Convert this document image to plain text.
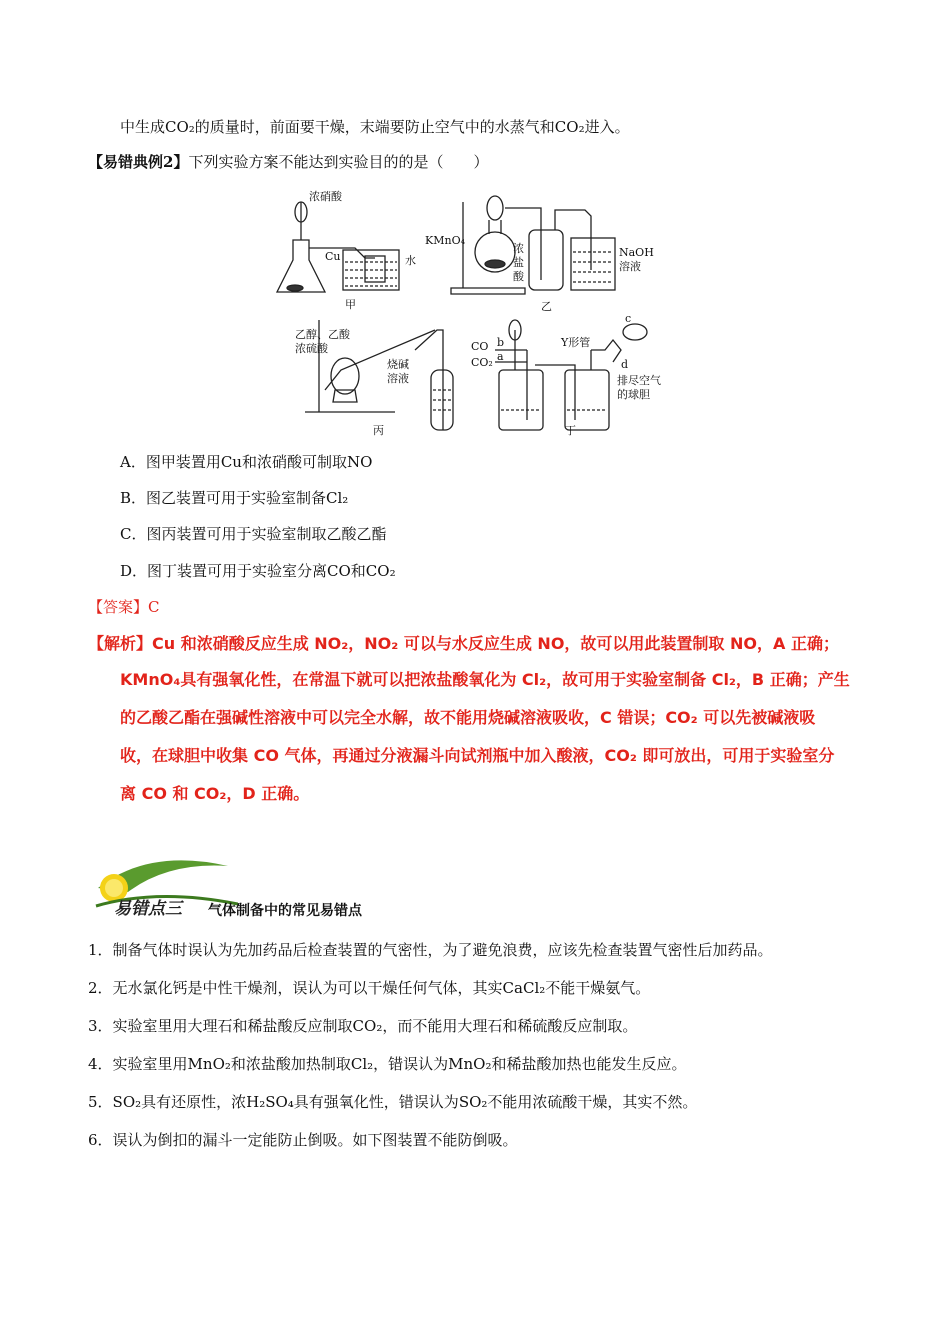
中生成CO₂的质量时，前面要干燥，末端要防止空气中的水蒸气和CO₂进入。
【易错典例2】下列实验方案不能达到实验目的的是（　　）
浓硝酸
Cu	水
甲
KMnO₄
浓
盐
酸
NaOH
溶液
乙
乙醇、乙酸
浓硫酸
烧碱
溶液
丙
CO
CO₂
b
a
Y形管
c
d
排尽空气
的球胆
丁
A．图甲装置用Cu和浓硝酸可制取NO
B．图乙装置可用于实验室制备Cl₂
C．图丙装置可用于实验室制取乙酸乙酯
D．图丁装置可用于实验室分离CO和CO₂
【答案】C
【解析】Cu 和浓硝酸反应生成 NO₂，NO₂ 可以与水反应生成 NO，故可以用此装置制取 NO，A 正确；
KMnO₄具有强氧化性，在常温下就可以把浓盐酸氧化为 Cl₂，故可用于实验室制备 Cl₂，B 正确；产生
的乙酸乙酯在强碱性溶液中可以完全水解，故不能用烧碱溶液吸收，C 错误；CO₂ 可以先被碱液吸
收，在球胆中收集 CO 气体，再通过分液漏斗向试剂瓶中加入酸液，CO₂ 即可放出，可用于实验室分
离 CO 和 CO₂，D 正确。
易错点三 气体制备中的常见易错点
1．制备气体时误认为先加药品后检查装置的气密性，为了避免浪费，应该先检查装置气密性后加药品。
2．无水氯化钙是中性干燥剂，误认为可以干燥任何气体，其实CaCl₂不能干燥氨气。
3．实验室里用大理石和稀盐酸反应制取CO₂，而不能用大理石和稀硫酸反应制取。
4．实验室里用MnO₂和浓盐酸加热制取Cl₂，错误认为MnO₂和稀盐酸加热也能发生反应。
5．SO₂具有还原性，浓H₂SO₄具有强氧化性，错误认为SO₂不能用浓硫酸干燥，其实不然。
6．误认为倒扣的漏斗一定能防止倒吸。如下图装置不能防倒吸。
